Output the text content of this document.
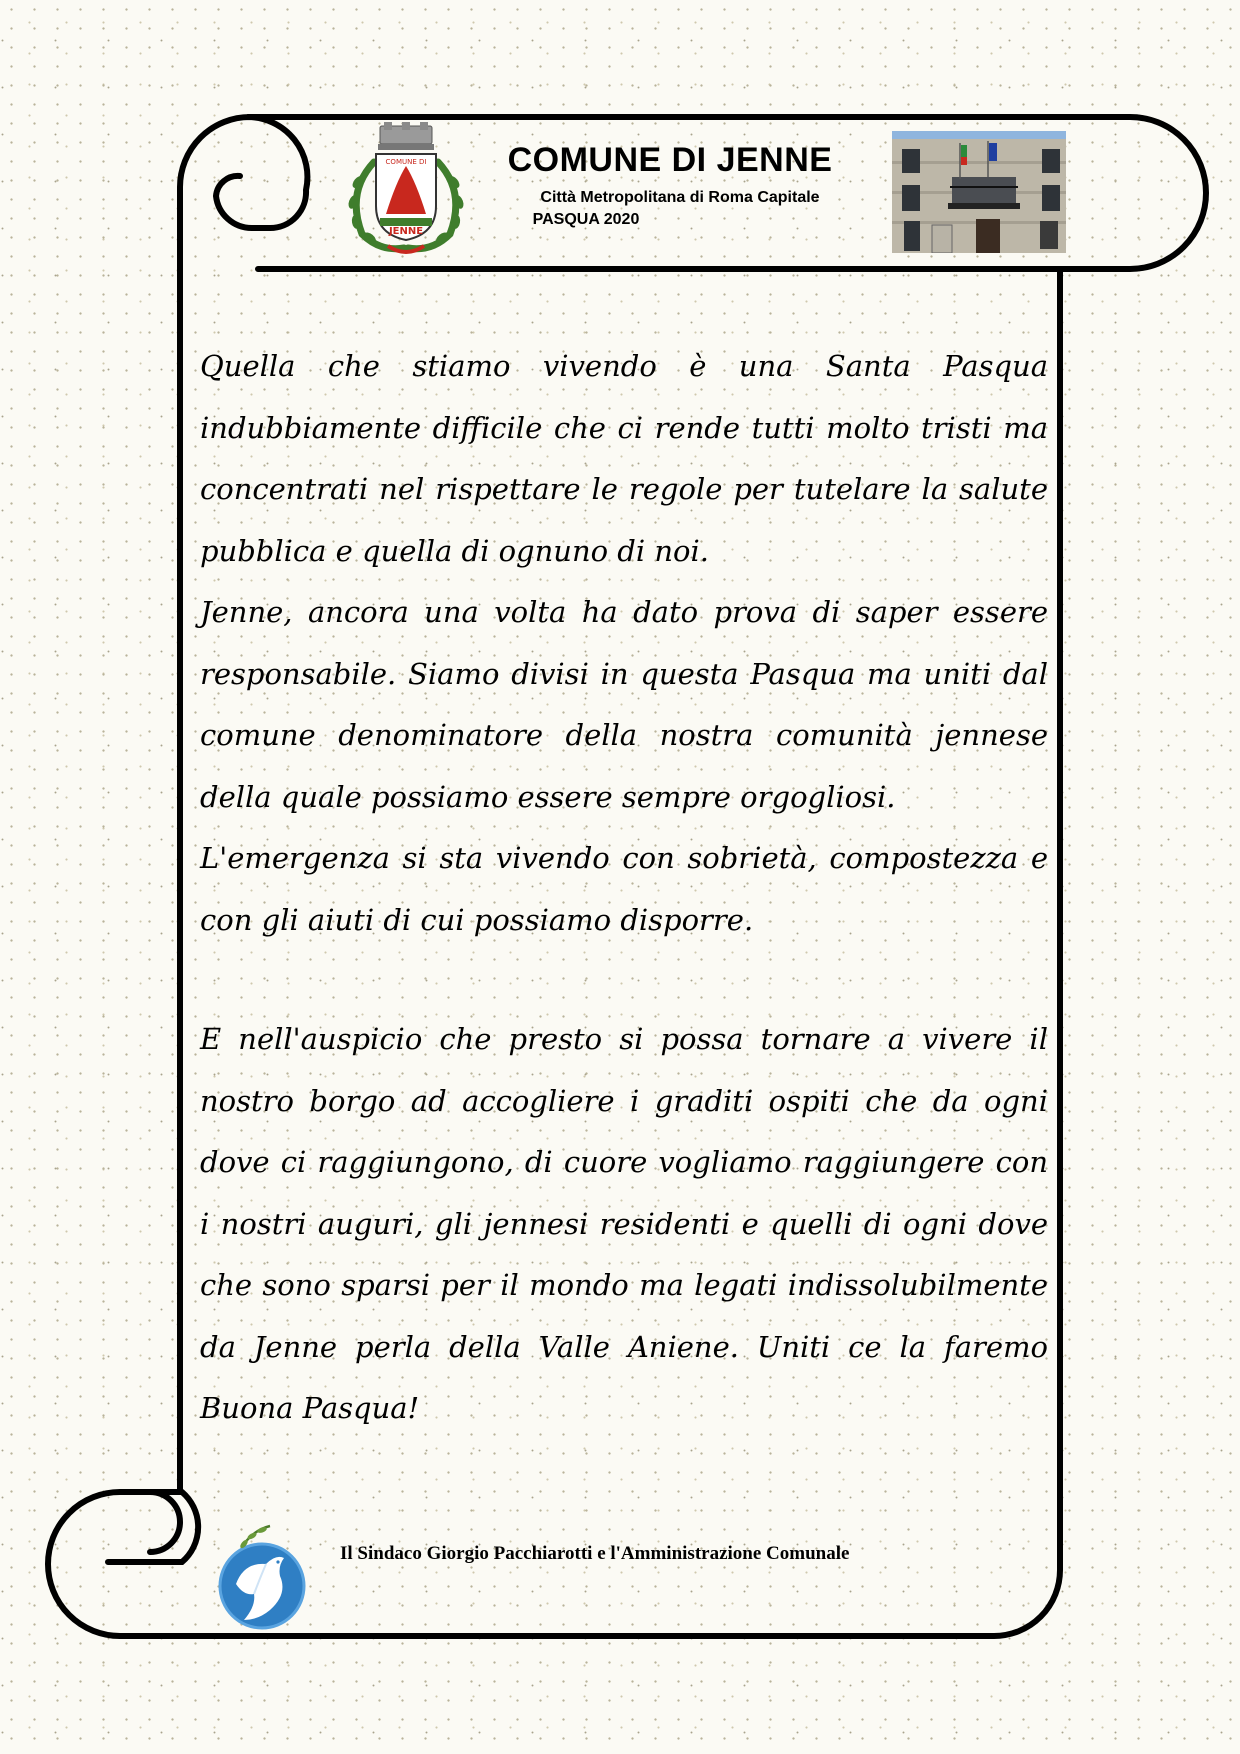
COMUNE DI
JENNE
COMUNE DI JENNE
Città Metropolitana di Roma Capitale
PASQUA 2020

Quella che stiamo vivendo è una Santa Pasqua indubbiamente difficile che ci rende tutti molto tristi ma concentrati nel rispettare le regole per tutelare la salute pubblica e quella di ognuno di noi.

Jenne, ancora una volta ha dato prova di saper essere responsabile. Siamo divisi in questa Pasqua ma uniti dal comune denominatore della nostra comunità jennese della quale possiamo essere sempre orgogliosi.

L'emergenza si sta vivendo con sobrietà, compostezza e con gli aiuti di cui possiamo disporre.

E nell'auspicio che presto si possa tornare a vivere il nostro borgo ad accogliere i graditi ospiti che da ogni dove ci raggiungono, di cuore vogliamo raggiungere con i nostri auguri, gli jennesi residenti e quelli di ogni dove che sono sparsi per il mondo ma legati indissolubilmente da Jenne perla della Valle Aniene. Uniti ce la faremo Buona Pasqua!

Il Sindaco Giorgio Pacchiarotti e l'Amministrazione Comunale
